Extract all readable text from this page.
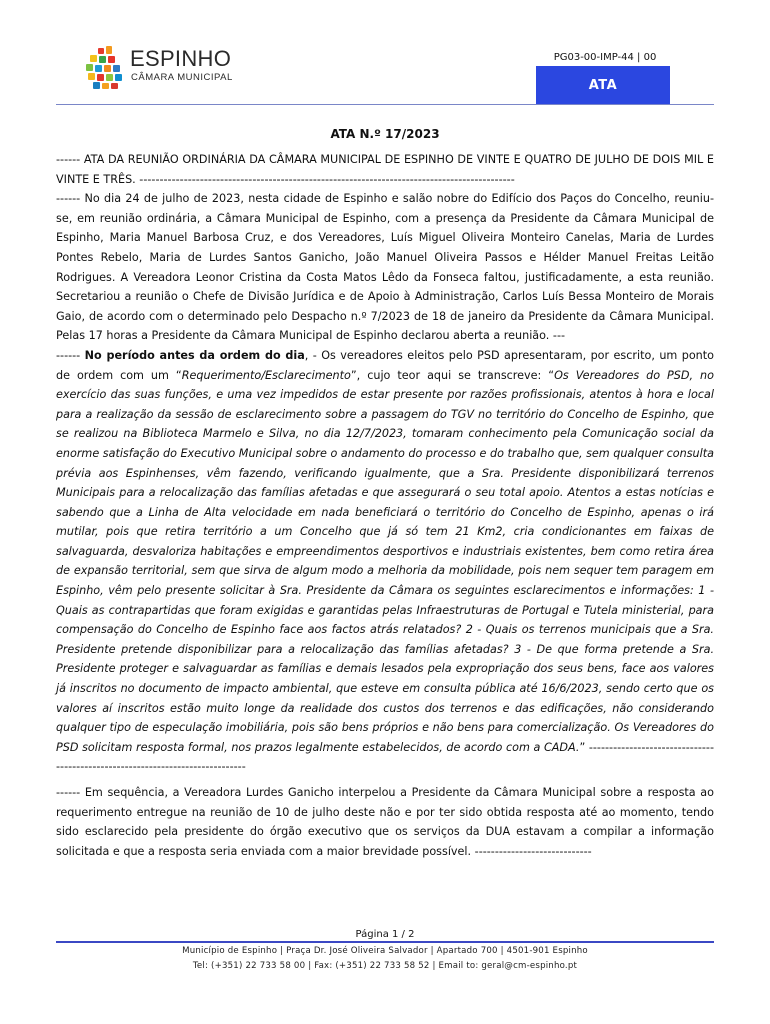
ESPINHO
CÂMARA MUNICIPAL
PG03-00-IMP-44 | 00
ATA
ATA N.º 17/2023

------ ATA DA REUNIÃO ORDINÁRIA DA CÂMARA MUNICIPAL DE ESPINHO DE VINTE E QUATRO DE JULHO DE DOIS MIL E VINTE E TRÊS. ---------------------------------------------------------------------------------------------

------ No dia 24 de julho de 2023, nesta cidade de Espinho e salão nobre do Edifício dos Paços do Concelho, reuniu-se, em reunião ordinária, a Câmara Municipal de Espinho, com a presença da Presidente da Câmara Municipal de Espinho, Maria Manuel Barbosa Cruz, e dos Vereadores, Luís Miguel Oliveira Monteiro Canelas, Maria de Lurdes Pontes Rebelo, Maria de Lurdes Santos Ganicho, João Manuel Oliveira Passos e Hélder Manuel Freitas Leitão Rodrigues. A Vereadora Leonor Cristina da Costa Matos Lêdo da Fonseca faltou, justificadamente, a esta reunião. Secretariou a reunião o Chefe de Divisão Jurídica e de Apoio à Administração, Carlos Luís Bessa Monteiro de Morais Gaio, de acordo com o determinado pelo Despacho n.º 7/2023 de 18 de janeiro da Presidente da Câmara Municipal. Pelas 17 horas a Presidente da Câmara Municipal de Espinho declarou aberta a reunião. ---

------ No período antes da ordem do dia, - Os vereadores eleitos pelo PSD apresentaram, por escrito, um ponto de ordem com um “Requerimento/Esclarecimento”, cujo teor aqui se transcreve: “Os Vereadores do PSD, no exercício das suas funções, e uma vez impedidos de estar presente por razões profissionais, atentos à hora e local para a realização da sessão de esclarecimento sobre a passagem do TGV no território do Concelho de Espinho, que se realizou na Biblioteca Marmelo e Silva, no dia 12/7/2023, tomaram conhecimento pela Comunicação social da enorme satisfação do Executivo Municipal sobre o andamento do processo e do trabalho que, sem qualquer consulta prévia aos Espinhenses, vêm fazendo, verificando igualmente, que a Sra. Presidente disponibilizará terrenos Municipais para a relocalização das famílias afetadas e que assegurará o seu total apoio. Atentos a estas notícias e sabendo que a Linha de Alta velocidade em nada beneficiará o território do Concelho de Espinho, apenas o irá mutilar, pois que retira território a um Concelho que já só tem 21 Km2, cria condicionantes em faixas de salvaguarda, desvaloriza habitações e empreendimentos desportivos e industriais existentes, bem como retira área de expansão territorial, sem que sirva de algum modo a melhoria da mobilidade, pois nem sequer tem paragem em Espinho, vêm pelo presente solicitar à Sra. Presidente da Câmara os seguintes esclarecimentos e informações: 1 - Quais as contrapartidas que foram exigidas e garantidas pelas Infraestruturas de Portugal e Tutela ministerial, para compensação do Concelho de Espinho face aos factos atrás relatados? 2 - Quais os terrenos municipais que a Sra. Presidente pretende disponibilizar para a relocalização das famílias afetadas? 3 - De que forma pretende a Sra. Presidente proteger e salvaguardar as famílias e demais lesados pela expropriação dos seus bens, face aos valores já inscritos no documento de impacto ambiental, que esteve em consulta pública até 16/6/2023, sendo certo que os valores aí inscritos estão muito longe da realidade dos custos dos terrenos e das edificações, não considerando qualquer tipo de especulação imobiliária, pois são bens próprios e não bens para comercialização. Os Vereadores do PSD solicitam resposta formal, nos prazos legalmente estabelecidos, de acordo com a CADA.” ------------------------------------------------------------------------------

------ Em sequência, a Vereadora Lurdes Ganicho interpelou a Presidente da Câmara Municipal sobre a resposta ao requerimento entregue na reunião de 10 de julho deste não e por ter sido obtida resposta até ao momento, tendo sido esclarecido pela presidente do órgão executivo que os serviços da DUA estavam a compilar a informação solicitada e que a resposta seria enviada com a maior brevidade possível. -----------------------------

Página 1 / 2
Município de Espinho | Praça Dr. José Oliveira Salvador | Apartado 700 | 4501-901 Espinho
Tel: (+351) 22 733 58 00 | Fax: (+351) 22 733 58 52 | Email to: geral@cm-espinho.pt
